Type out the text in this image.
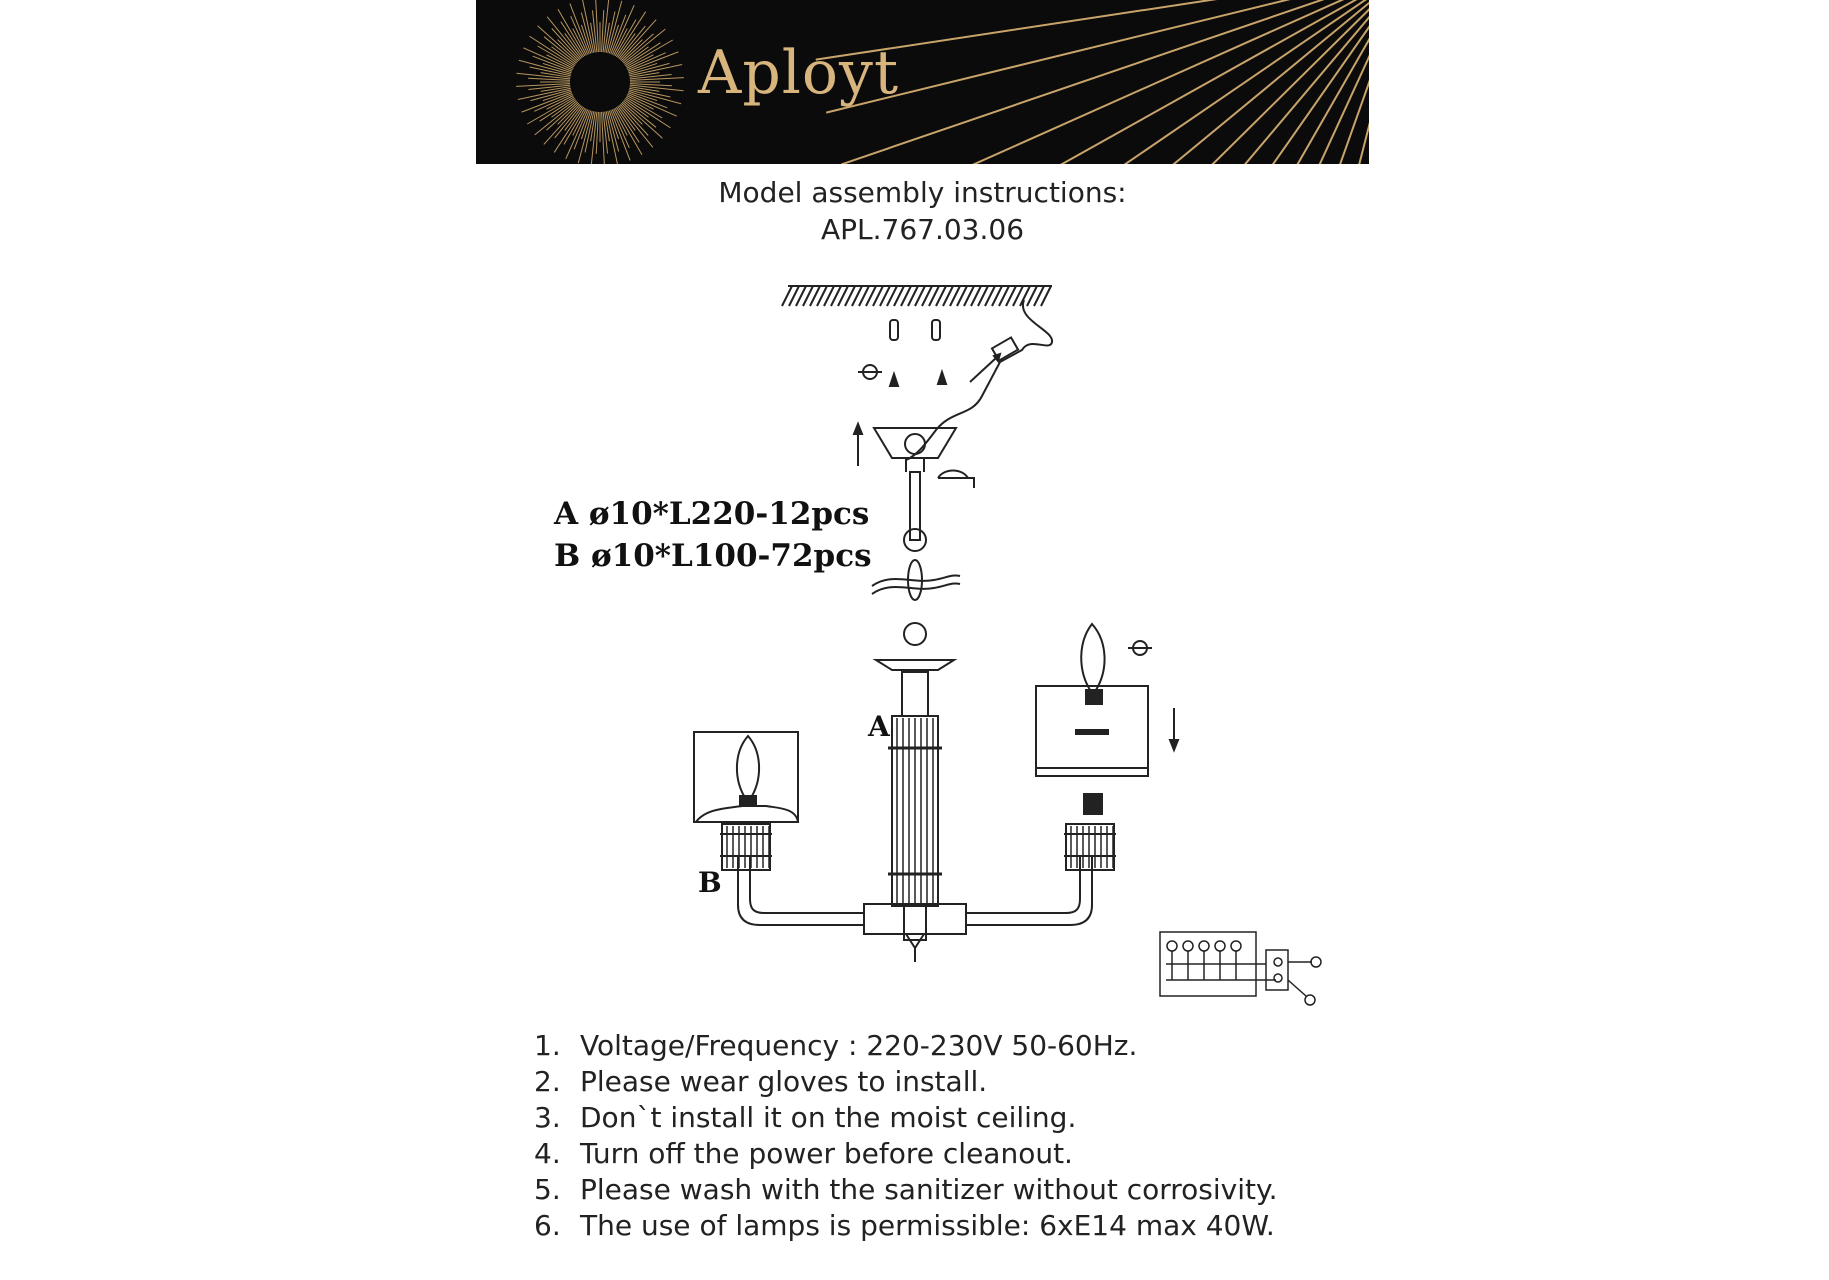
Aployt
Model assembly instructions:
APL.767.03.06
A ø10*L220-12pcs
B ø10*L100-72pcs
A
B
1. Voltage/Frequency : 220-230V 50-60Hz.
2. Please wear gloves to install.
3. Don`t install it on the moist ceiling.
4. Turn off the power before cleanout.
5. Please wash with the sanitizer without corrosivity.
6. The use of lamps is permissible: 6xE14 max 40W.
